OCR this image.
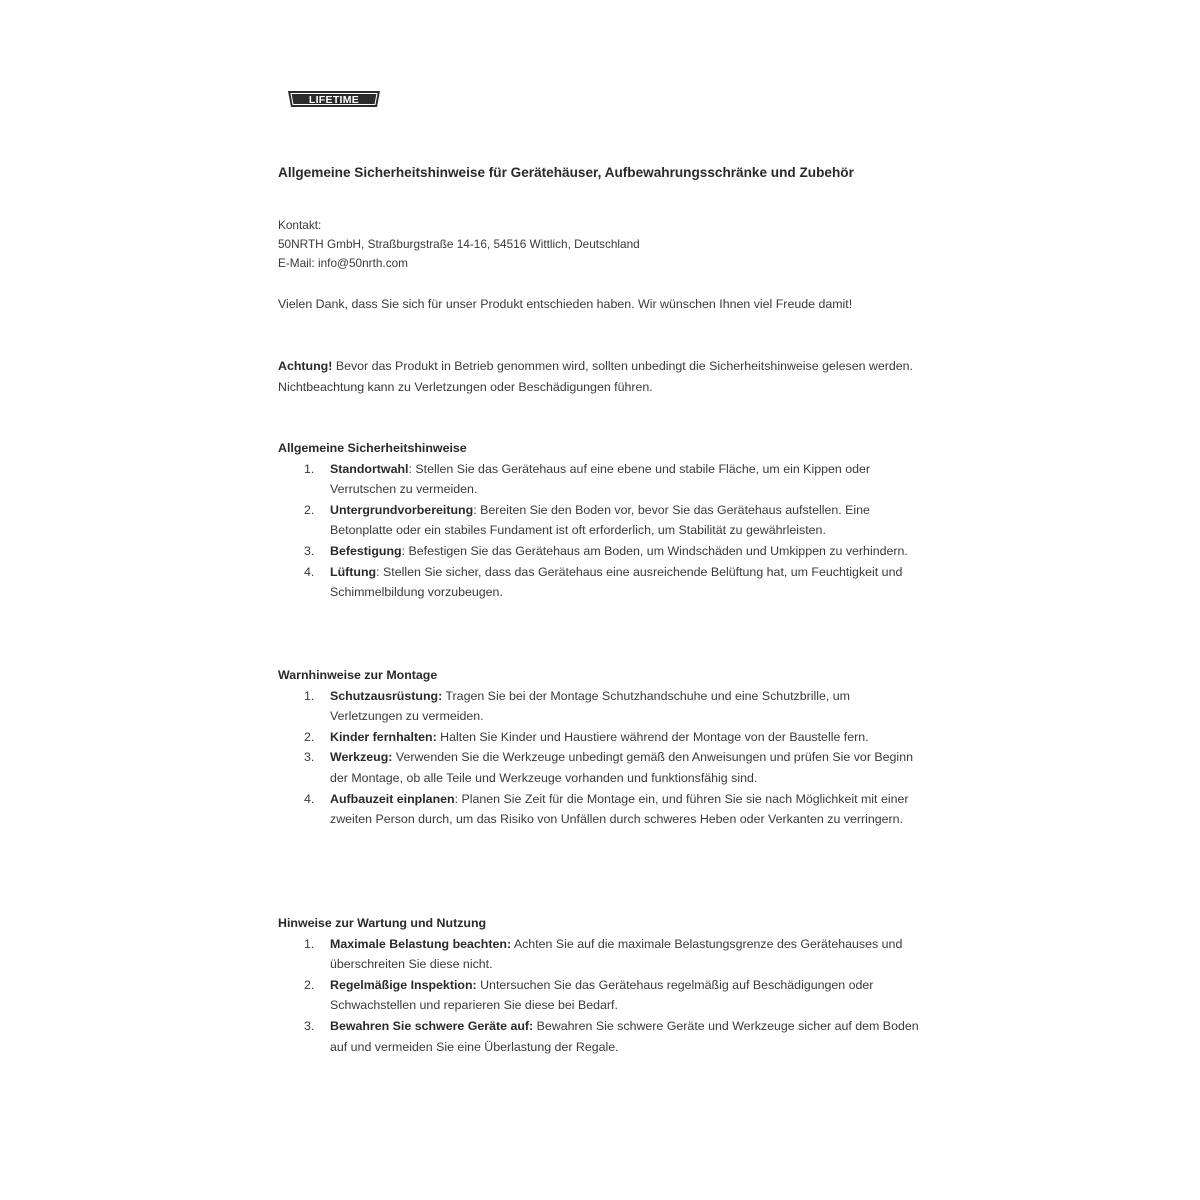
LIFETIME
Allgemeine Sicherheitshinweise für Gerätehäuser, Aufbewahrungsschränke und Zubehör
Kontakt:
50NRTH GmbH, Straßburgstraße 14-16, 54516 Wittlich, Deutschland
E-Mail: info@50nrth.com
Vielen Dank, dass Sie sich für unser Produkt entschieden haben. Wir wünschen Ihnen viel Freude damit!
Achtung! Bevor das Produkt in Betrieb genommen wird, sollten unbedingt die Sicherheitshinweise gelesen werden. Nichtbeachtung kann zu Verletzungen oder Beschädigungen führen.
Allgemeine Sicherheitshinweise
1. Standortwahl: Stellen Sie das Gerätehaus auf eine ebene und stabile Fläche, um ein Kippen oder Verrutschen zu vermeiden.
2. Untergrundvorbereitung: Bereiten Sie den Boden vor, bevor Sie das Gerätehaus aufstellen. Eine Betonplatte oder ein stabiles Fundament ist oft erforderlich, um Stabilität zu gewährleisten.
3. Befestigung: Befestigen Sie das Gerätehaus am Boden, um Windschäden und Umkippen zu verhindern.
4. Lüftung: Stellen Sie sicher, dass das Gerätehaus eine ausreichende Belüftung hat, um Feuchtigkeit und Schimmelbildung vorzubeugen.
Warnhinweise zur Montage
1. Schutzausrüstung: Tragen Sie bei der Montage Schutzhandschuhe und eine Schutzbrille, um Verletzungen zu vermeiden.
2. Kinder fernhalten: Halten Sie Kinder und Haustiere während der Montage von der Baustelle fern.
3. Werkzeug: Verwenden Sie die Werkzeuge unbedingt gemäß den Anweisungen und prüfen Sie vor Beginn der Montage, ob alle Teile und Werkzeuge vorhanden und funktionsfähig sind.
4. Aufbauzeit einplanen: Planen Sie Zeit für die Montage ein, und führen Sie sie nach Möglichkeit mit einer zweiten Person durch, um das Risiko von Unfällen durch schweres Heben oder Verkanten zu verringern.
Hinweise zur Wartung und Nutzung
1. Maximale Belastung beachten: Achten Sie auf die maximale Belastungsgrenze des Gerätehauses und überschreiten Sie diese nicht.
2. Regelmäßige Inspektion: Untersuchen Sie das Gerätehaus regelmäßig auf Beschädigungen oder Schwachstellen und reparieren Sie diese bei Bedarf.
3. Bewahren Sie schwere Geräte auf: Bewahren Sie schwere Geräte und Werkzeuge sicher auf dem Boden auf und vermeiden Sie eine Überlastung der Regale.
